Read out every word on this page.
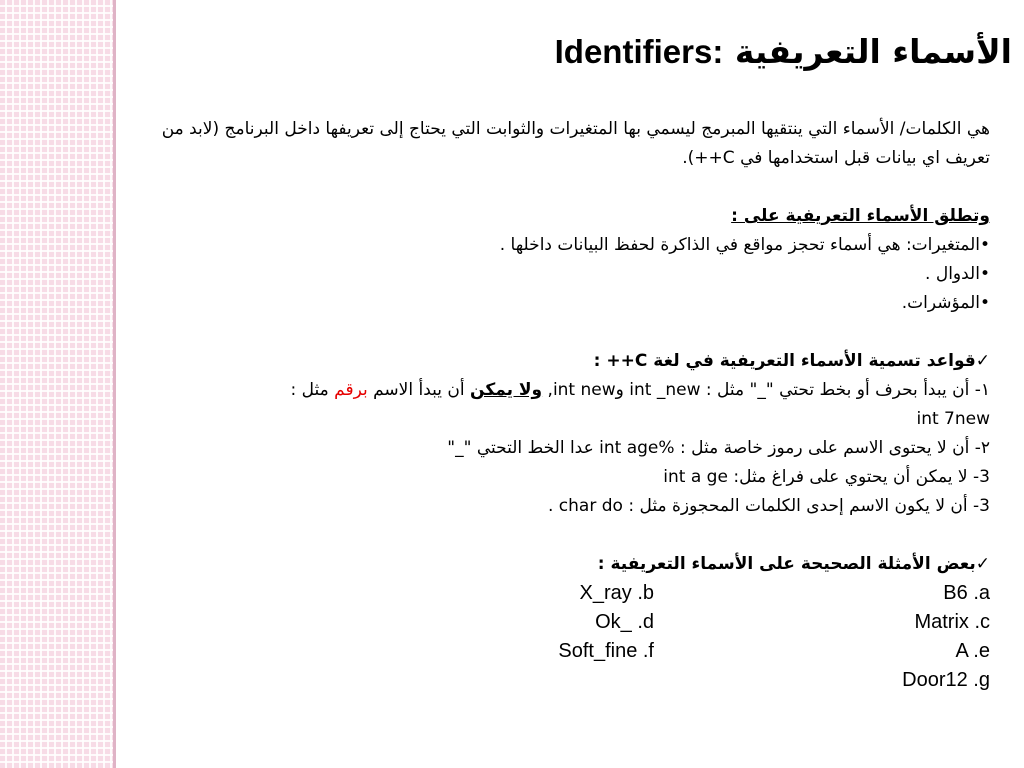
الأسماء التعريفية Identifiers:
هي الكلمات/ الأسماء التي ينتقيها المبرمج ليسمي بها المتغيرات والثوابت التي يحتاج إلى تعريفها داخل البرنامج (لابد من تعريف اي بيانات قبل استخدامها في C++).
وتطلق الأسماء التعريفية على :
•المتغيرات: هي أسماء تحجز مواقع في الذاكرة لحفظ البيانات داخلها .
•الدوال .
•المؤشرات.
✓قواعد تسمية الأسماء التعريفية في لغة C++ :
١- أن يبدأ بحرف أو بخط تحتي "_" مثل : int _new وint new, ولا يمكن أن يبدأ الاسم برقم مثل :
int 7new
٢- أن لا يحتوى الاسم على رموز خاصة مثل : int age% عدا الخط التحتي "_"
3- لا يمكن أن يحتوي على فراغ مثل: int a ge
3- أن لا يكون الاسم إحدى الكلمات المحجوزة مثل : char do .
✓بعض الأمثلة الصحيحة على الأسماء التعريفية :
B6 .a
X_ray .b
Matrix .c
Ok_ .d
A .e
Soft_fine .f
Door12 .g
